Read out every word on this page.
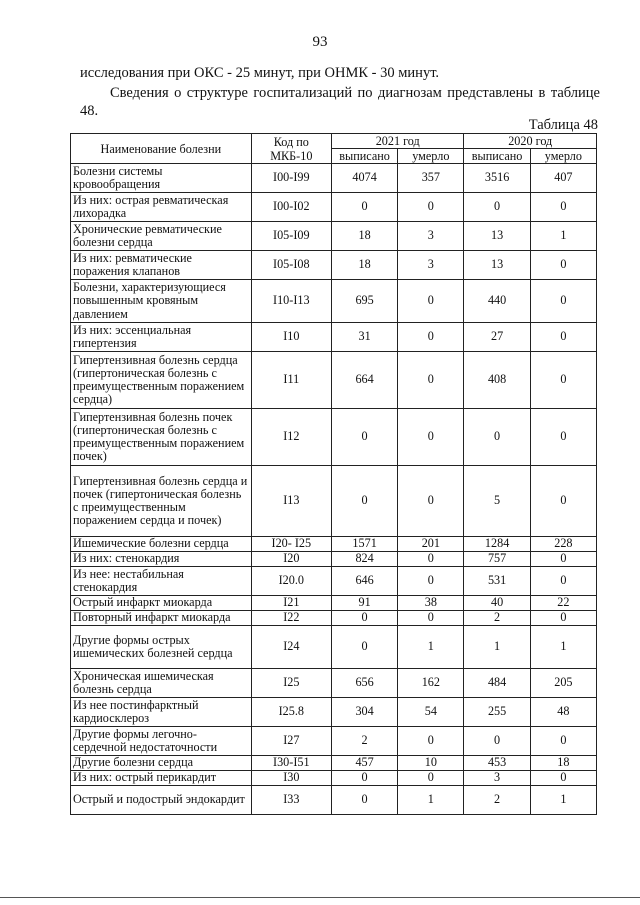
93
исследования при ОКС - 25 минут, при ОНМК - 30 минут.
Сведения о структуре госпитализаций по диагнозам представлены в таблице 48.
Таблица 48
Наименование болезни	Код по МКБ-10	2021 год		2020 год	
		выписано	умерло	выписано	умерло
Болезни системы кровообращения	I00-I99	4074	357	3516	407
Из них: острая ревматическая лихорадка	I00-I02	0	0	0	0
Хронические ревматические болезни сердца	I05-I09	18	3	13	1
Из них: ревматические поражения клапанов	I05-I08	18	3	13	0
Болезни, характеризующиеся повышенным кровяным давлением	I10-I13	695	0	440	0
Из них: эссенциальная гипертензия	I10	31	0	27	0
Гипертензивная болезнь сердца (гипертоническая болезнь с преимущественным поражением сердца)	I11	664	0	408	0
Гипертензивная болезнь почек (гипертоническая болезнь с преимущественным поражением почек)	I12	0	0	0	0
Гипертензивная болезнь сердца и почек (гипертоническая болезнь с преимущественным поражением сердца и почек)	I13	0	0	5	0
Ишемические болезни сердца	I20- I25	1571	201	1284	228
Из них: стенокардия	I20	824	0	757	0
Из нее: нестабильная стенокардия	I20.0	646	0	531	0
Острый инфаркт миокарда	I21	91	38	40	22
Повторный инфаркт миокарда	I22	0	0	2	0
Другие формы острых ишемических болезней сердца	I24	0	1	1	1
Хроническая ишемическая болезнь сердца	I25	656	162	484	205
Из нее постинфарктный кардиосклероз	I25.8	304	54	255	48
Другие формы легочно-сердечной недостаточности	I27	2	0	0	0
Другие болезни сердца	I30-I51	457	10	453	18
Из них: острый перикардит	I30	0	0	3	0
Острый и подострый эндокардит	I33	0	1	2	1
